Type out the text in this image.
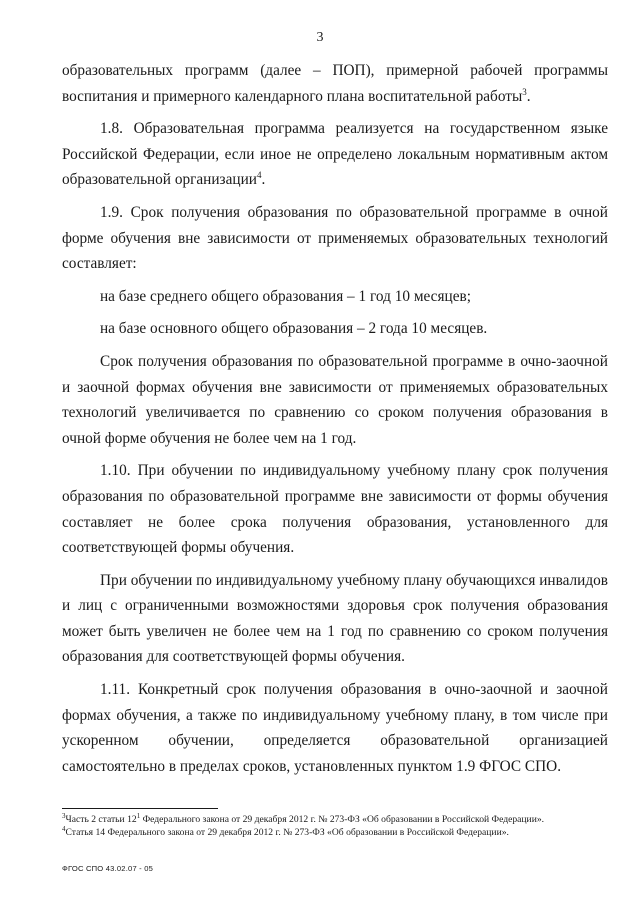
3

образовательных программ (далее – ПОП), примерной рабочей программы

воспитания и примерного календарного плана воспитательной работы$^3$.

1.8. Образовательная программа реализуется на государственном языке Российской Федерации, если иное не определено локальным нормативным актом образовательной организации$^4$.

1.9. Срок получения образования по образовательной программе в очной форме обучения вне зависимости от применяемых образовательных технологий составляет:

на базе среднего общего образования – 1 год 10 месяцев;

на базе основного общего образования – 2 года 10 месяцев.

Срок получения образования по образовательной программе в очно-заочной и заочной формах обучения вне зависимости от применяемых образовательных технологий увеличивается по сравнению со сроком получения образования в очной форме обучения не более чем на 1 год.

1.10. При обучении по индивидуальному учебному плану срок получения образования по образовательной программе вне зависимости от формы обучения составляет не более срока получения образования, установленного для соответствующей формы обучения.

При обучении по индивидуальному учебному плану обучающихся инвалидов и лиц с ограниченными возможностями здоровья срок получения образования может быть увеличен не более чем на 1 год по сравнению со сроком получения образования для соответствующей формы обучения.

1.11. Конкретный срок получения образования в очно-заочной и заочной формах обучения, а также по индивидуальному учебному плану, в том числе при ускоренном обучении, определяется образовательной организацией самостоятельно в пределах сроков, установленных пунктом 1.9 ФГОС СПО.

$^3$Часть 2 статьи $12^1$ Федерального закона от 29 декабря 2012 г. № 273-ФЗ «Об образовании в Российской Федерации».
$^4$Статья 14 Федерального закона от 29 декабря 2012 г. № 273-ФЗ «Об образовании в Российской Федерации».
ФГОС СПО 43.02.07 - 05
